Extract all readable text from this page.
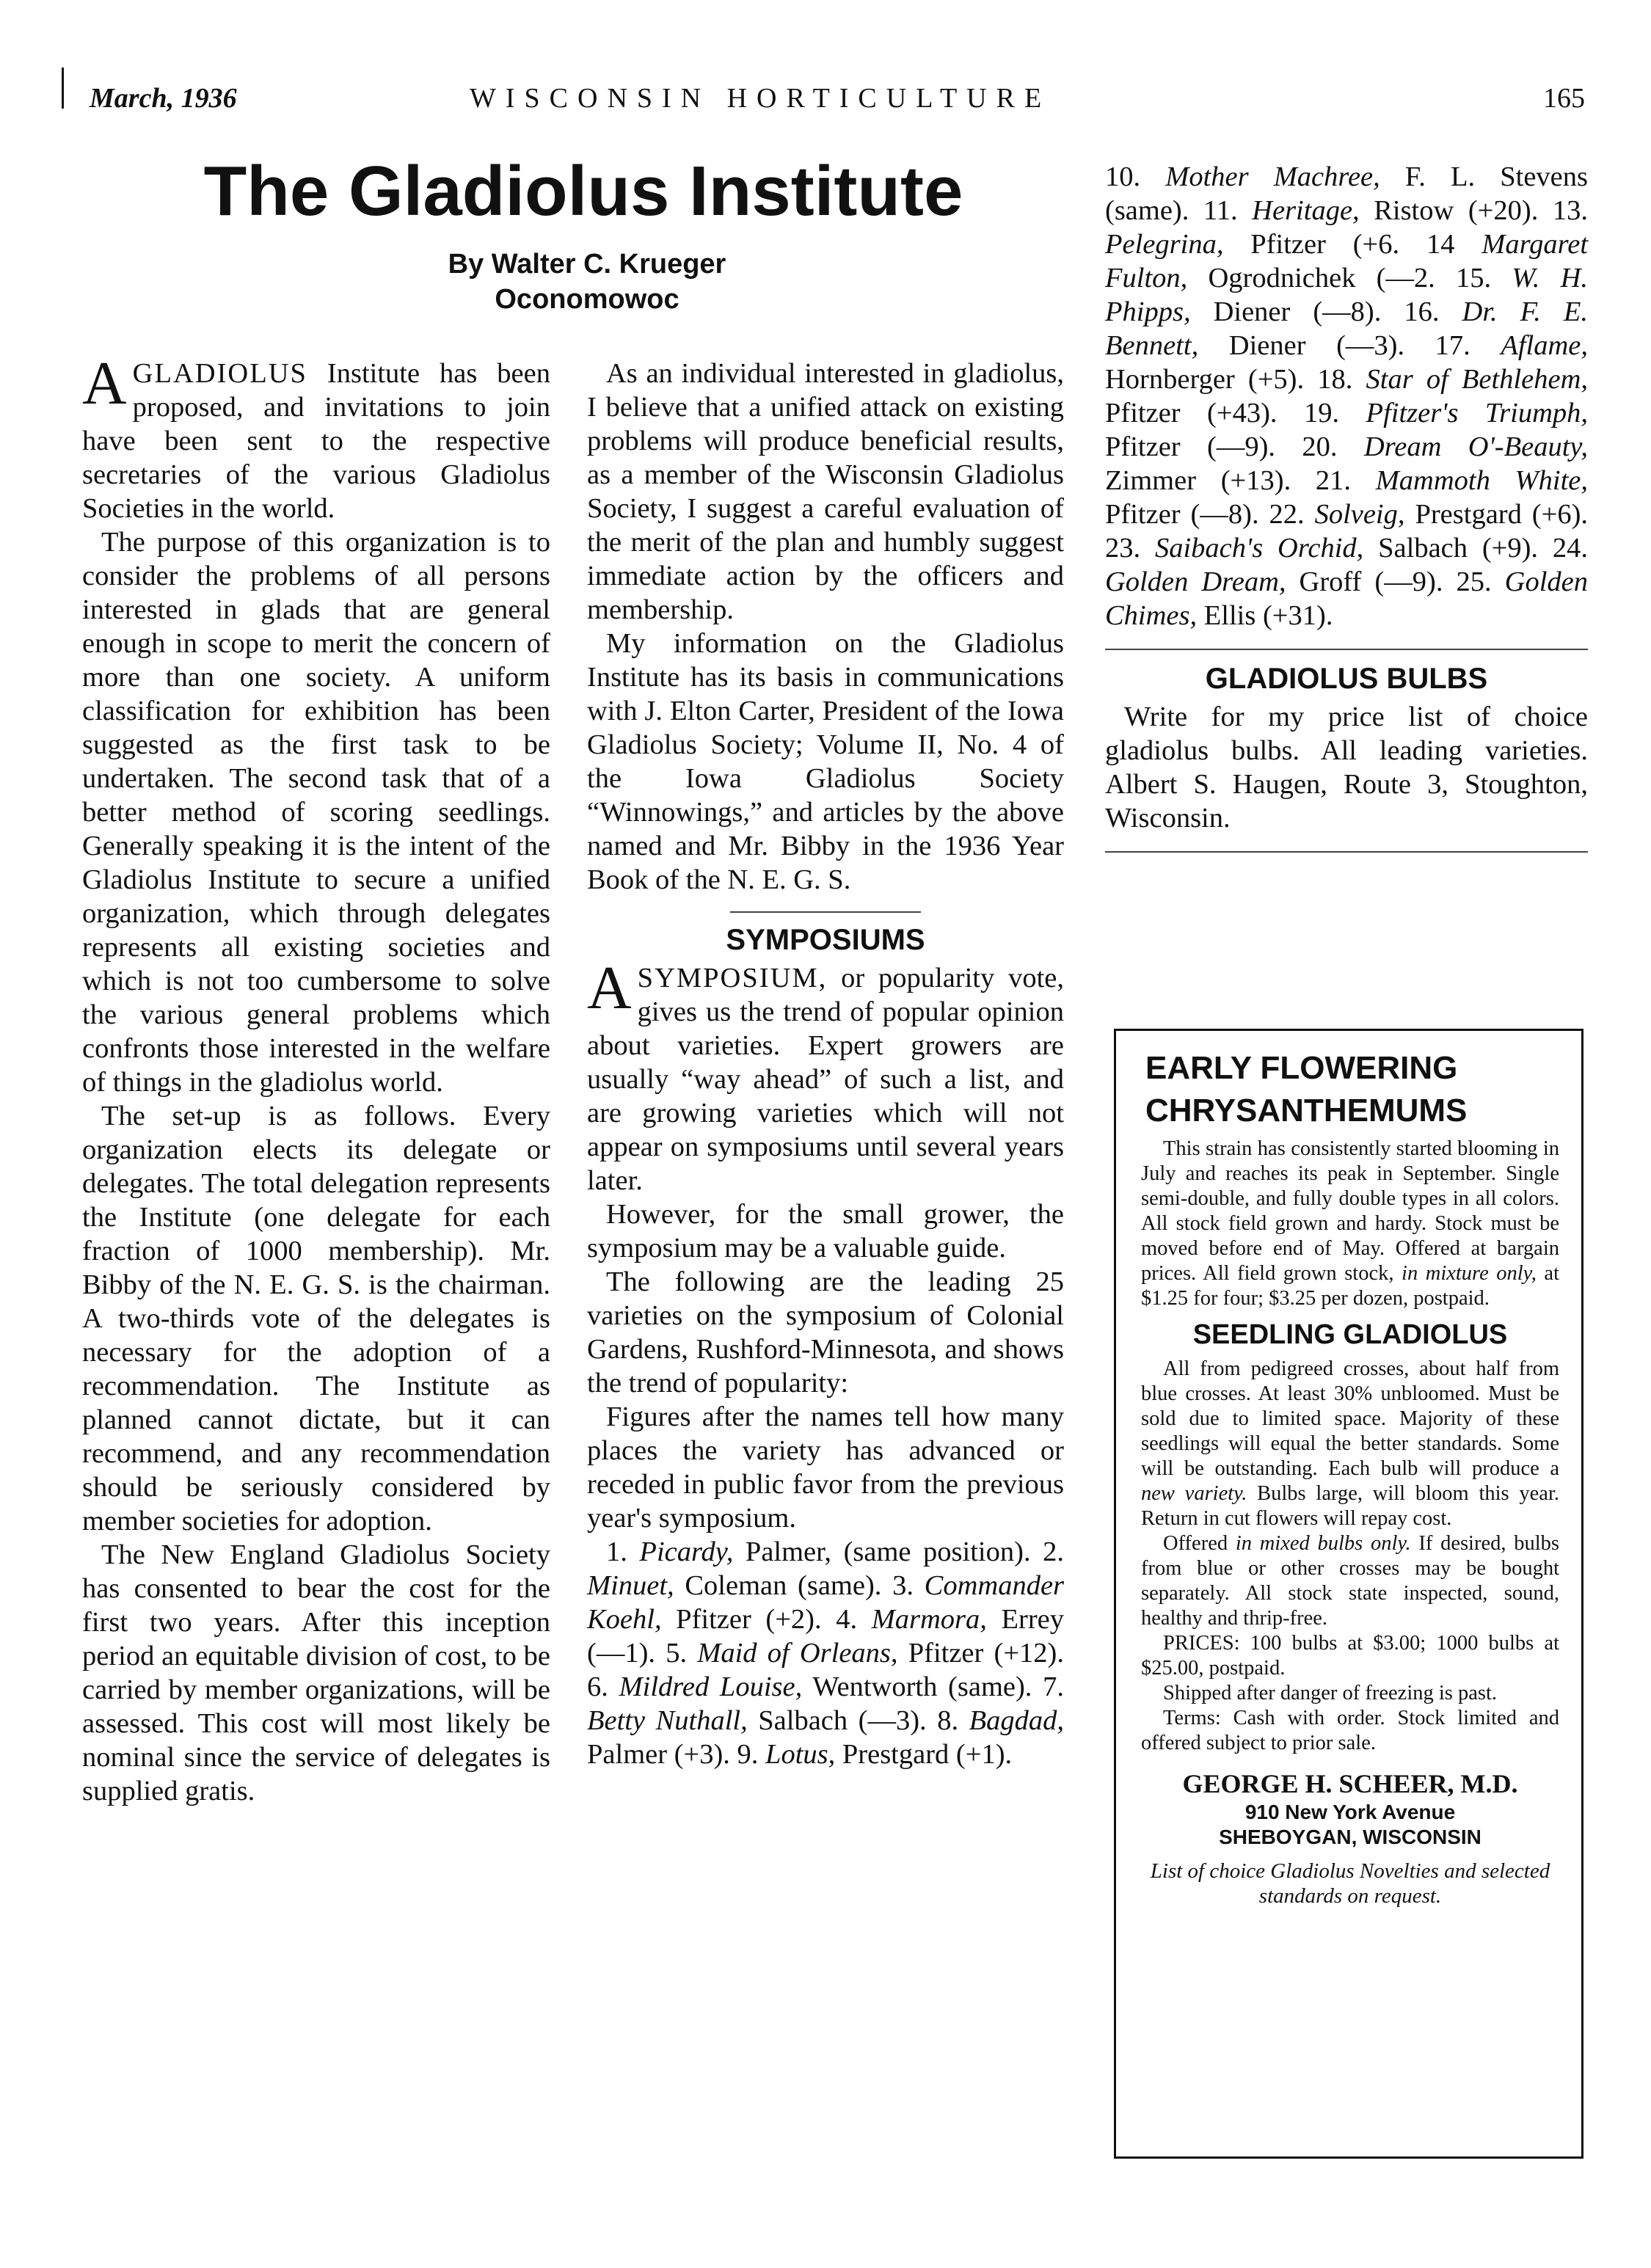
March, 1936	WISCONSIN HORTICULTURE	165
The Gladiolus Institute
By Walter C. Krueger
Oconomowoc

AGLADIOLUS Institute has been proposed, and invitations to join have been sent to the respective secretaries of the various Gladiolus Societies in the world.

The purpose of this organization is to consider the problems of all persons interested in glads that are general enough in scope to merit the concern of more than one society. A uniform classification for exhibition has been suggested as the first task to be undertaken. The second task that of a better method of scoring seedlings. Generally speaking it is the intent of the Gladiolus Institute to secure a unified organization, which through delegates represents all existing societies and which is not too cumbersome to solve the various general problems which confronts those interested in the welfare of things in the gladiolus world.

The set-up is as follows. Every organization elects its delegate or delegates. The total delegation represents the Institute (one delegate for each fraction of 1000 membership). Mr. Bibby of the N. E. G. S. is the chairman. A two-thirds vote of the delegates is necessary for the adoption of a recommendation. The Institute as planned cannot dictate, but it can recommend, and any recommendation should be seriously considered by member societies for adoption.

The New England Gladiolus Society has consented to bear the cost for the first two years. After this inception period an equitable division of cost, to be carried by member organizations, will be assessed. This cost will most likely be nominal since the service of delegates is supplied gratis.

As an individual interested in gladiolus, I believe that a unified attack on existing problems will produce beneficial results, as a member of the Wisconsin Gladiolus Society, I suggest a careful evaluation of the merit of the plan and humbly suggest immediate action by the officers and membership.

My information on the Gladiolus Institute has its basis in communications with J. Elton Carter, President of the Iowa Gladiolus Society; Volume II, No. 4 of the Iowa Gladiolus Society “Winnowings,” and articles by the above named and Mr. Bibby in the 1936 Year Book of the N. E. G. S.

SYMPOSIUMS

ASYMPOSIUM, or popularity vote, gives us the trend of popular opinion about varieties. Expert growers are usually “way ahead” of such a list, and are growing varieties which will not appear on symposiums until several years later.

However, for the small grower, the symposium may be a valuable guide.

The following are the leading 25 varieties on the symposium of Colonial Gardens, Rushford-Minnesota, and shows the trend of popularity:

Figures after the names tell how many places the variety has advanced or receded in public favor from the previous year's symposium.

1. Picardy, Palmer, (same position). 2. Minuet, Coleman (same). 3. Commander Koehl, Pfitzer (+2). 4. Marmora, Errey (—1). 5. Maid of Orleans, Pfitzer (+12). 6. Mildred Louise, Wentworth (same). 7. Betty Nuthall, Salbach (—3). 8. Bagdad, Palmer (+3). 9. Lotus, Prestgard (+1).

10. Mother Machree, F. L. Stevens (same). 11. Heritage, Ristow (+20). 13. Pelegrina, Pfitzer (+6. 14 Margaret Fulton, Ogrodnichek (—2. 15. W. H. Phipps, Diener (—8). 16. Dr. F. E. Bennett, Diener (—3). 17. Aflame, Hornberger (+5). 18. Star of Bethlehem, Pfitzer (+43). 19. Pfitzer's Triumph, Pfitzer (—9). 20. Dream O'-Beauty, Zimmer (+13). 21. Mammoth White, Pfitzer (—8). 22. Solveig, Prestgard (+6). 23. Saibach's Orchid, Salbach (+9). 24. Golden Dream, Groff (—9). 25. Golden Chimes, Ellis (+31).

GLADIOLUS BULBS

Write for my price list of choice gladiolus bulbs. All leading varieties. Albert S. Haugen, Route 3, Stoughton, Wisconsin.

EARLY FLOWERING
CHRYSANTHEMUMS

This strain has consistently started blooming in July and reaches its peak in September. Single semi-double, and fully double types in all colors. All stock field grown and hardy. Stock must be moved before end of May. Offered at bargain prices. All field grown stock, in mixture only, at $1.25 for four; $3.25 per dozen, postpaid.

SEEDLING GLADIOLUS

All from pedigreed crosses, about half from blue crosses. At least 30% unbloomed. Must be sold due to limited space. Majority of these seedlings will equal the better standards. Some will be outstanding. Each bulb will produce a new variety. Bulbs large, will bloom this year. Return in cut flowers will repay cost.

Offered in mixed bulbs only. If desired, bulbs from blue or other crosses may be bought separately. All stock state inspected, sound, healthy and thrip-free.

PRICES: 100 bulbs at $3.00; 1000 bulbs at $25.00, postpaid.

Shipped after danger of freezing is past.

Terms: Cash with order. Stock limited and offered subject to prior sale.

GEORGE H. SCHEER, M.D.
910 New York Avenue
SHEBOYGAN, WISCONSIN
List of choice Gladiolus Novelties and selected standards on request.
